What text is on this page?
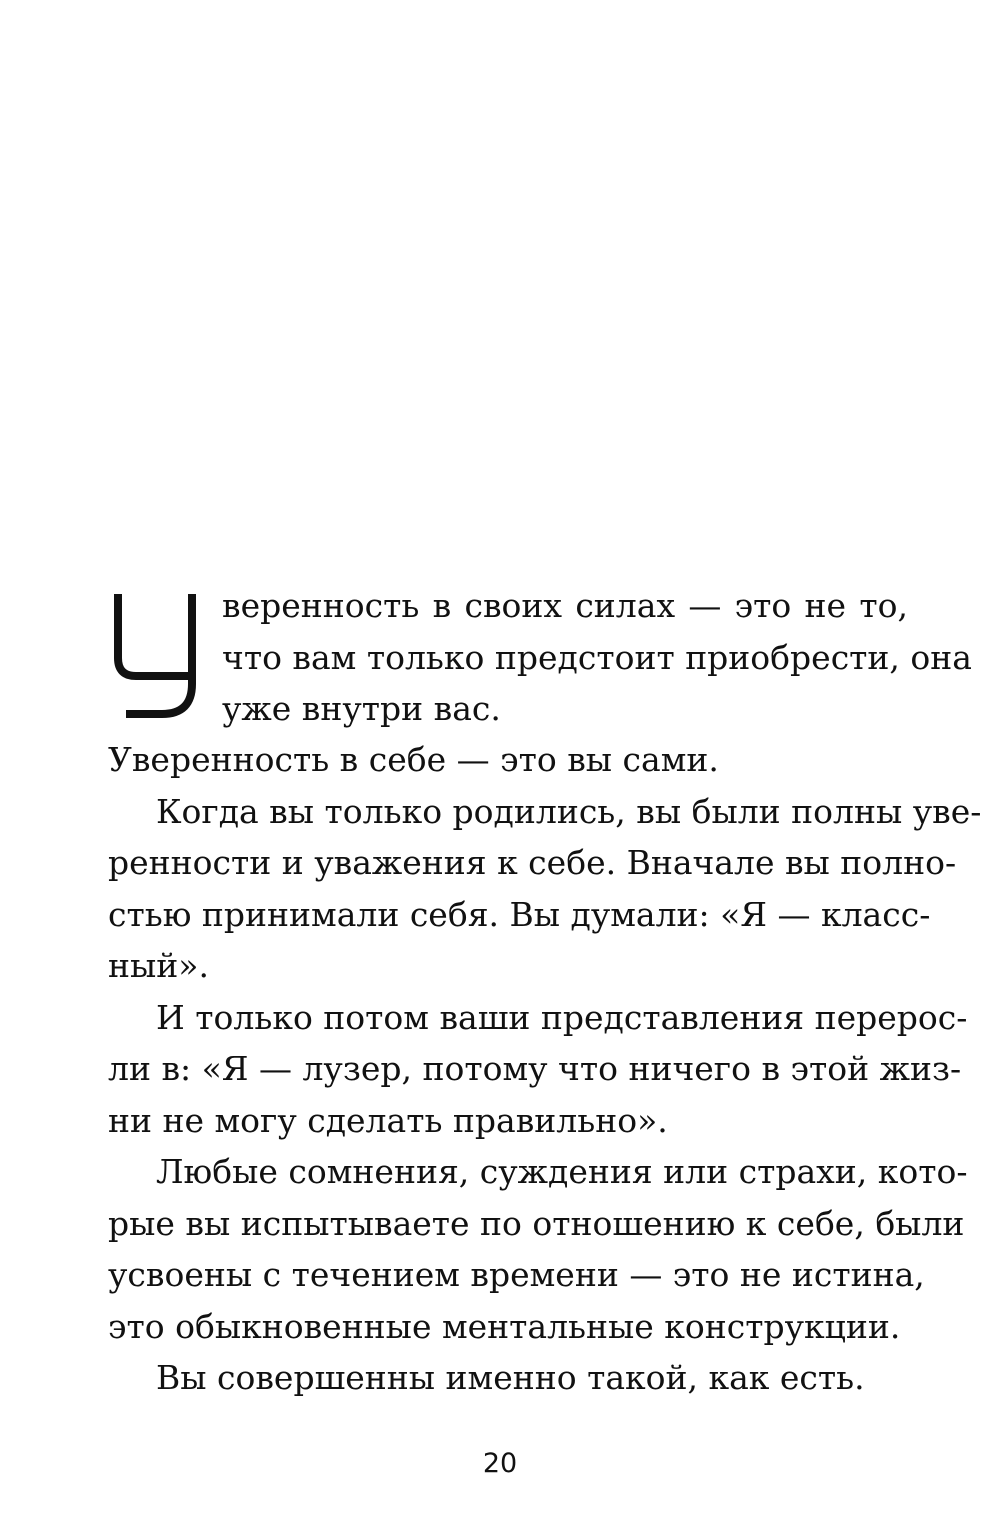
веренность в своих силах — это не то,
что вам только предстоит приобрести, она
уже внутри вас.
Уверенность в себе — это вы сами.
Когда вы только родились, вы были полны уве-
ренности и уважения к себе. Вначале вы полно-
стью принимали себя. Вы думали: «Я — класс-
ный».
И только потом ваши представления перерос-
ли в: «Я — лузер, потому что ничего в этой жиз-
ни не могу сделать правильно».
Любые сомнения, суждения или страхи, кото-
рые вы испытываете по отношению к себе, были
усвоены с течением времени — это не истина,
это обыкновенные ментальные конструкции.
Вы совершенны именно такой, как есть.
20
